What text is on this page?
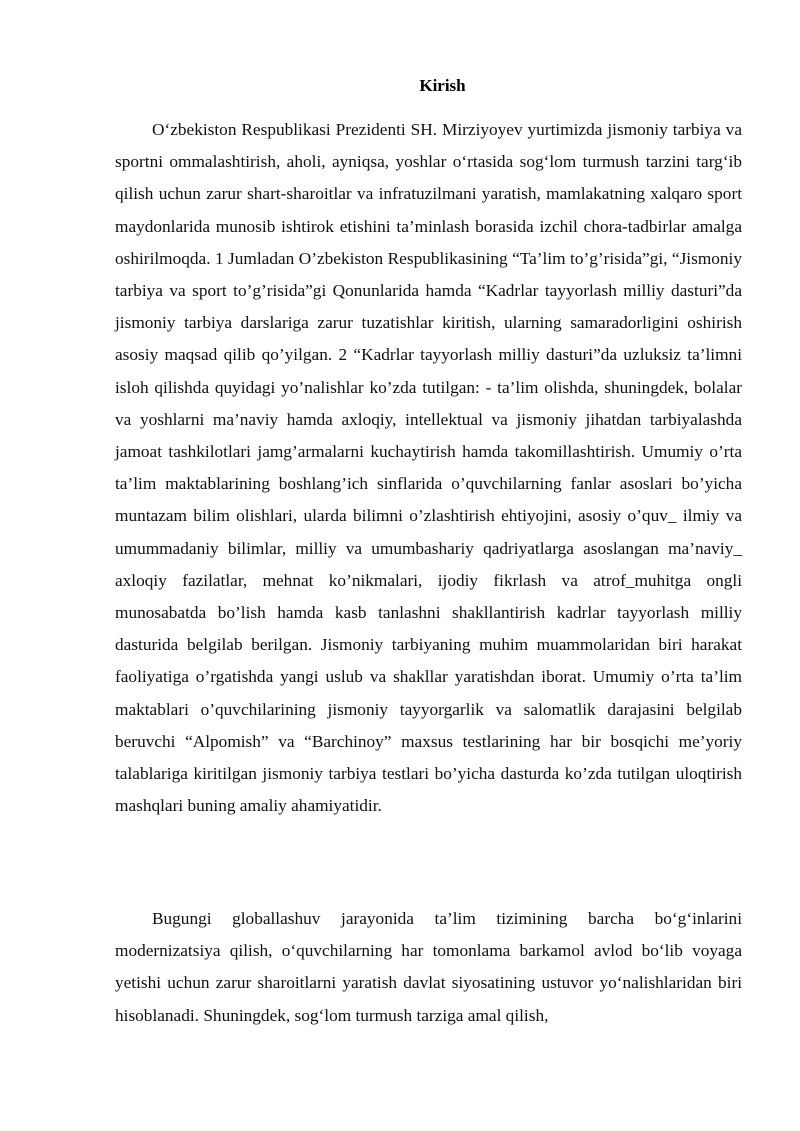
Kirish

O‘zbekiston Respublikasi Prezidenti SH. Mirziyoyev yurtimizda jismoniy tarbiya va sportni ommalashtirish, aholi, ayniqsa, yoshlar o‘rtasida sog‘lom turmush tarzini targ‘ib qilish uchun zarur shart-sharoitlar va infratuzilmani yaratish, mamlakatning xalqaro sport maydonlarida munosib ishtirok etishini ta’minlash borasida izchil chora-tadbirlar amalga oshirilmoqda. 1 Jumladan O’zbekiston Respublikasining “Ta’lim to’g’risida”gi, “Jismoniy tarbiya va sport to’g’risida”gi Qonunlarida hamda “Kadrlar tayyorlash milliy dasturi”da jismoniy tarbiya darslariga zarur tuzatishlar kiritish, ularning samaradorligini oshirish asosiy maqsad qilib qo’yilgan. 2 “Kadrlar tayyorlash milliy dasturi”da uzluksiz ta’limni isloh qilishda quyidagi yo’nalishlar ko’zda tutilgan: - ta’lim olishda, shuningdek, bolalar va yoshlarni ma’naviy hamda axloqiy, intellektual va jismoniy jihatdan tarbiyalashda jamoat tashkilotlari jamg’armalarni kuchaytirish hamda takomillashtirish. Umumiy o’rta ta’lim maktablarining boshlang’ich sinflarida o’quvchilarning fanlar asoslari bo’yicha muntazam bilim olishlari, ularda bilimni o’zlashtirish ehtiyojini, asosiy o’quv_ ilmiy va umummadaniy bilimlar, milliy va umumbashariy qadriyatlarga asoslangan ma’naviy_ axloqiy fazilatlar, mehnat ko’nikmalari, ijodiy fikrlash va atrof_muhitga ongli munosabatda bo’lish hamda kasb tanlashni shakllantirish kadrlar tayyorlash milliy dasturida belgilab berilgan. Jismoniy tarbiyaning muhim muammolaridan biri harakat faoliyatiga o’rgatishda yangi uslub va shakllar yaratishdan iborat. Umumiy o’rta ta’lim maktablari o’quvchilarining jismoniy tayyorgarlik va salomatlik darajasini belgilab beruvchi “Alpomish” va “Barchinoy” maxsus testlarining har bir bosqichi me’yoriy talablariga kiritilgan jismoniy tarbiya testlari bo’yicha dasturda ko’zda tutilgan uloqtirish mashqlari buning amaliy ahamiyatidir.

Bugungi globallashuv jarayonida ta’lim tizimining barcha bo‘g‘inlarini modernizatsiya qilish, o‘quvchilarning har tomonlama barkamol avlod bo‘lib voyaga yetishi uchun zarur sharoitlarni yaratish davlat siyosatining ustuvor yo‘nalishlaridan biri hisoblanadi. Shuningdek, sog‘lom turmush tarziga amal qilish,
